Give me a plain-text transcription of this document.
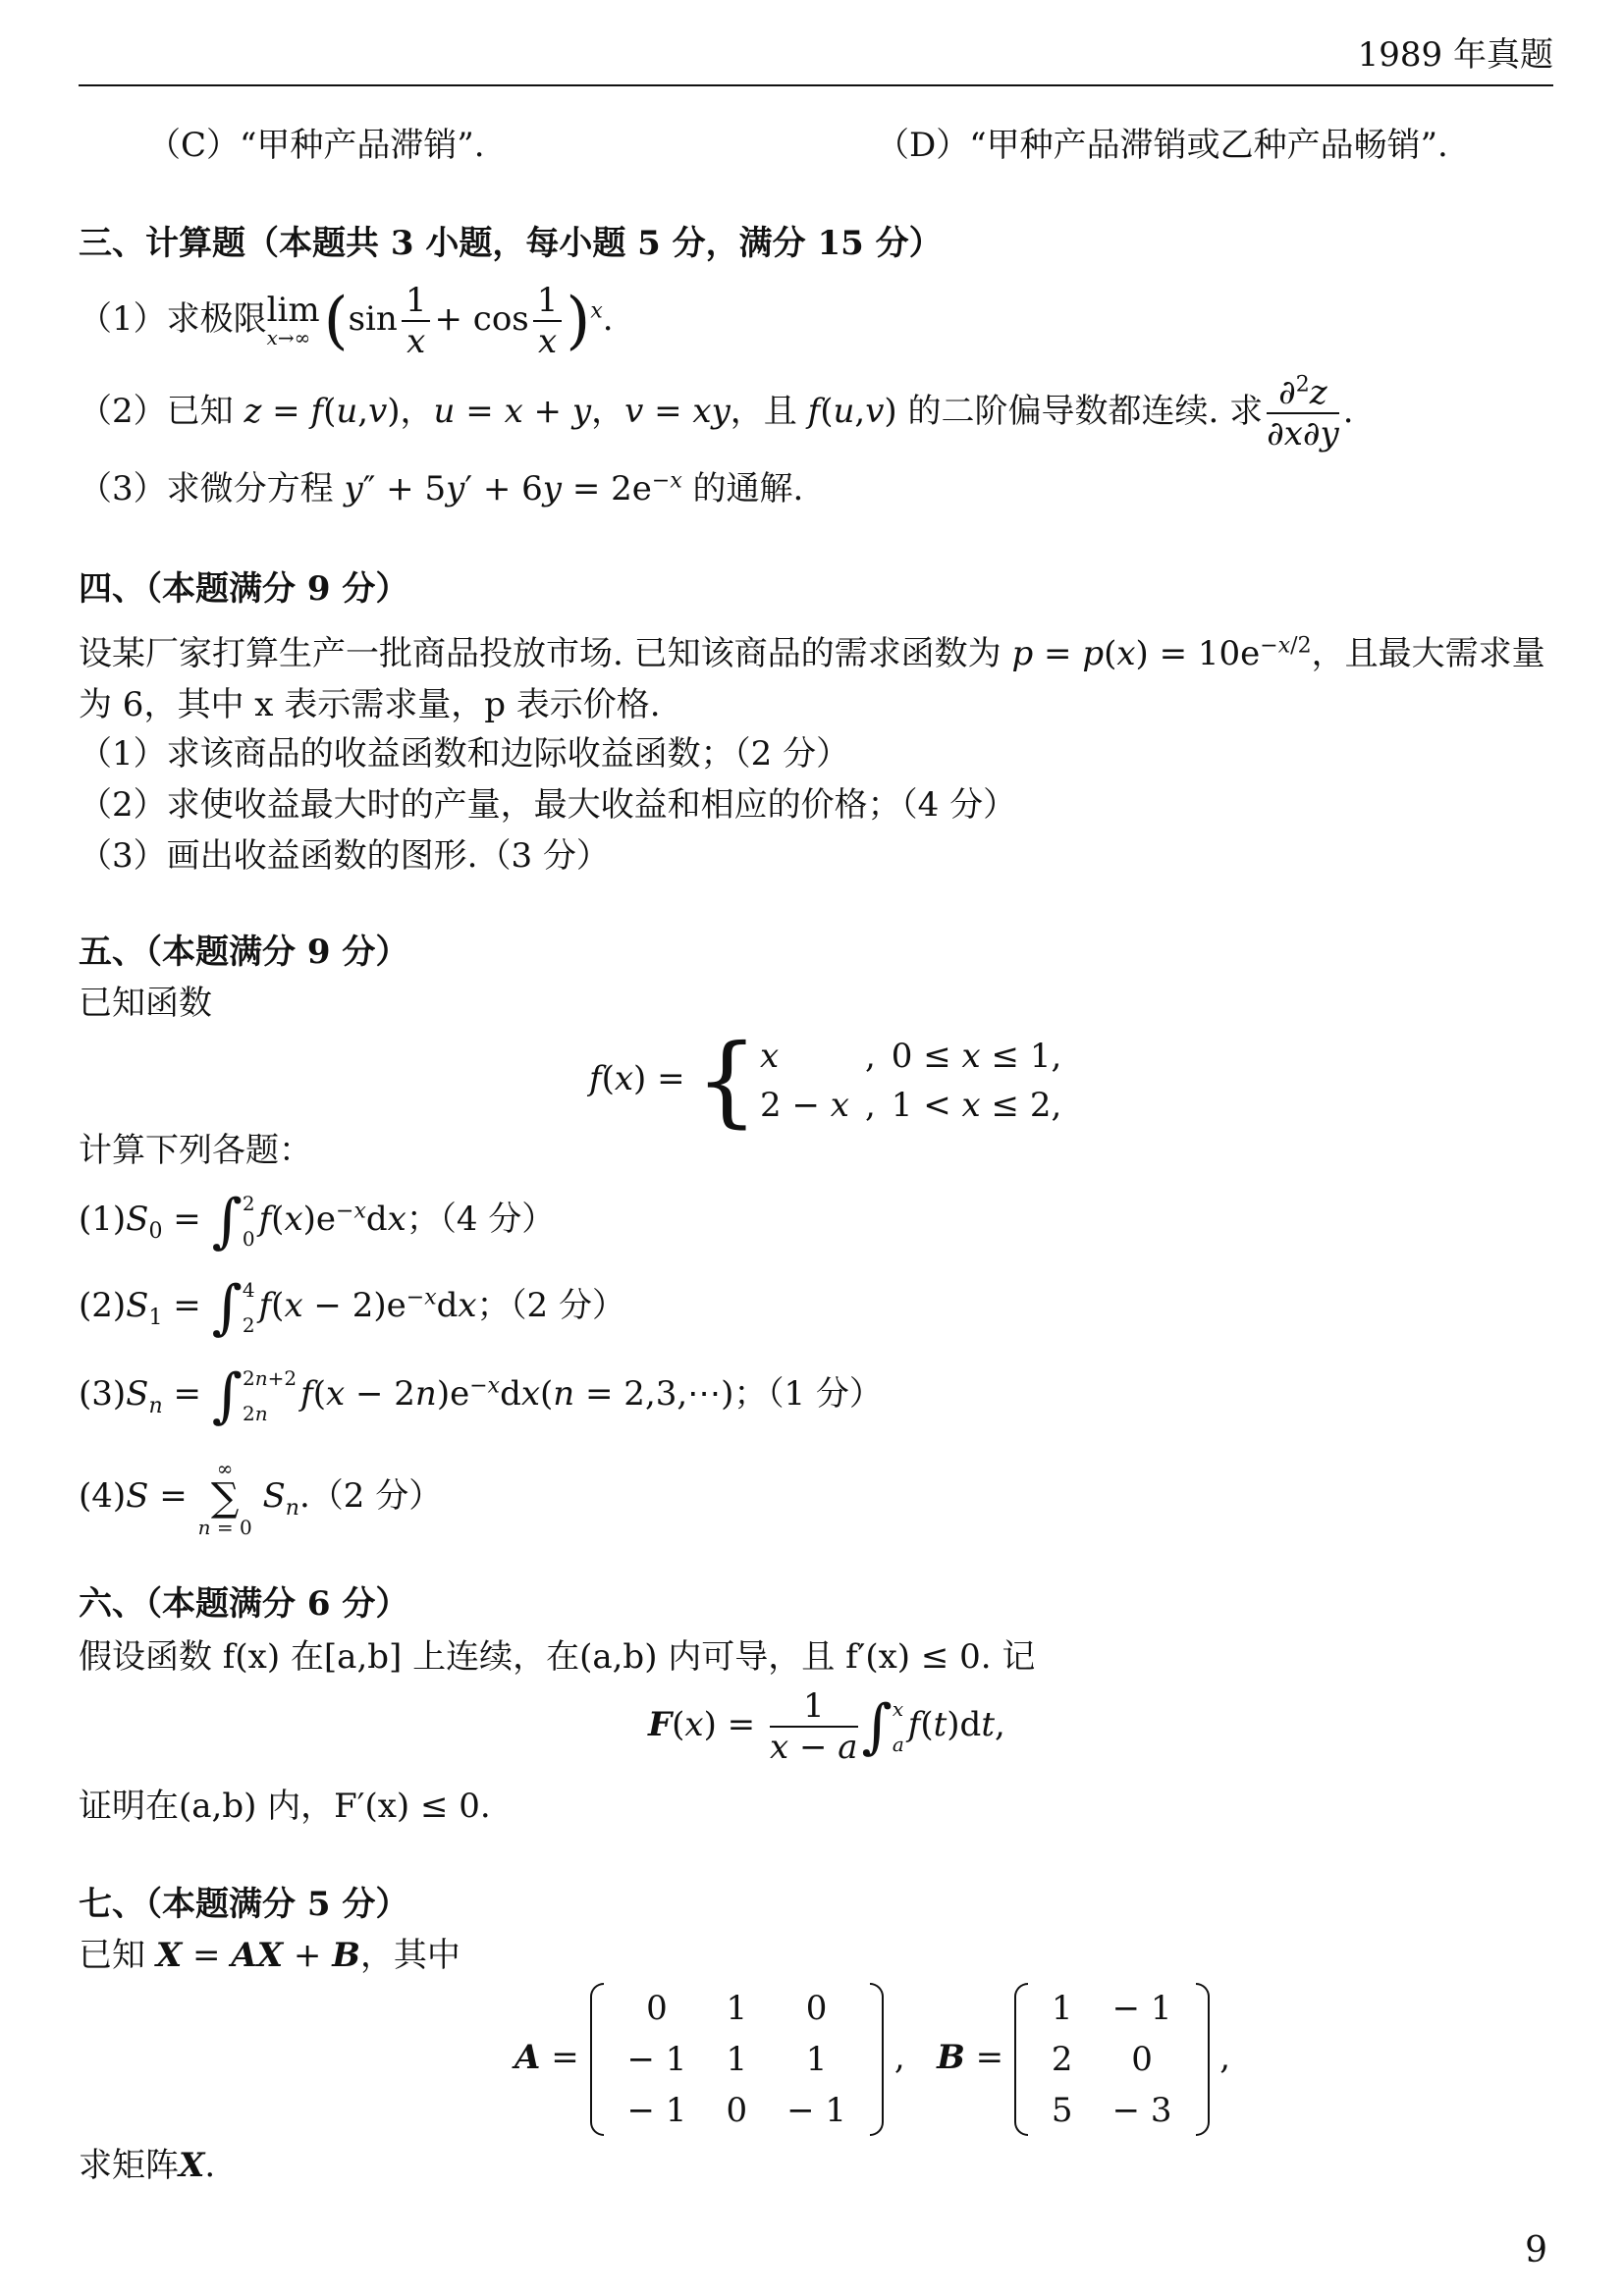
1989 年真题
（C）“甲种产品滞销”.	（D）“甲种产品滞销或乙种产品畅销”.
三、计算题（本题共 3 小题，每小题 5 分，满分 15 分）
（1）求极限 lim
x→∞ $(\sin \frac{1}{x} + \cos \frac{1}{x} )^x$.
（2）已知 z = f(u,v)，u = x + y，v = xy，且 f(u,v) 的二阶偏导数都连续. 求 $\frac{\partial^2z}{\partial x\partial y}$ .
（3）求微分方程 $y'' + 5y' + 6y = 2e^{-x}$ 的通解.
四、（本题满分 9 分）
设某厂家打算生产一批商品投放市场. 已知该商品的需求函数为 $p = p(x) = 10e^{-x/2}$，且最大需求量
为 6，其中 x 表示需求量，p 表示价格.
（1）求该商品的收益函数和边际收益函数；（2 分）
（2）求使收益最大时的产量，最大收益和相应的价格；（4 分）
（3）画出收益函数的图形.（3 分）
五、（本题满分 9 分）
已知函数
f(x) = { x	,	0 ≤ x ≤ 1,
2 − x	,	1 < x ≤ 2,
计算下列各题：
$(1)S_0$ = ∫ 2
0 $f(x)e^{-x}dx$；（4 分）
$(2)S_1$ = ∫ 4
2 $f(x - 2)e^{-x}dx$；（2 分）
$(3)S_n$ = ∫ 2n+2
2n $f(x - 2n)e^{-x}dx(n$ = 2,3,⋯)；（1 分）
(4)S =
∞
∑
n = 0
$S_n.(2$ 分）
六、（本题满分 6 分）
假设函数 f(x) 在[a,b] 上连续，在(a,b) 内可导，且 f′(x) ≤ 0. 记
$F(x) = \frac{1}{x - a}$ ∫ x
a f(t)dt,
证明在(a,b) 内，F′(x) ≤ 0.
七、（本题满分 5 分）
已知 X = AX + B，其中
A =
0	1	0
− 1	1	1
− 1	0	− 1
,   B =
1	− 1
2	0
5	− 3
,
求矩阵X.
9
